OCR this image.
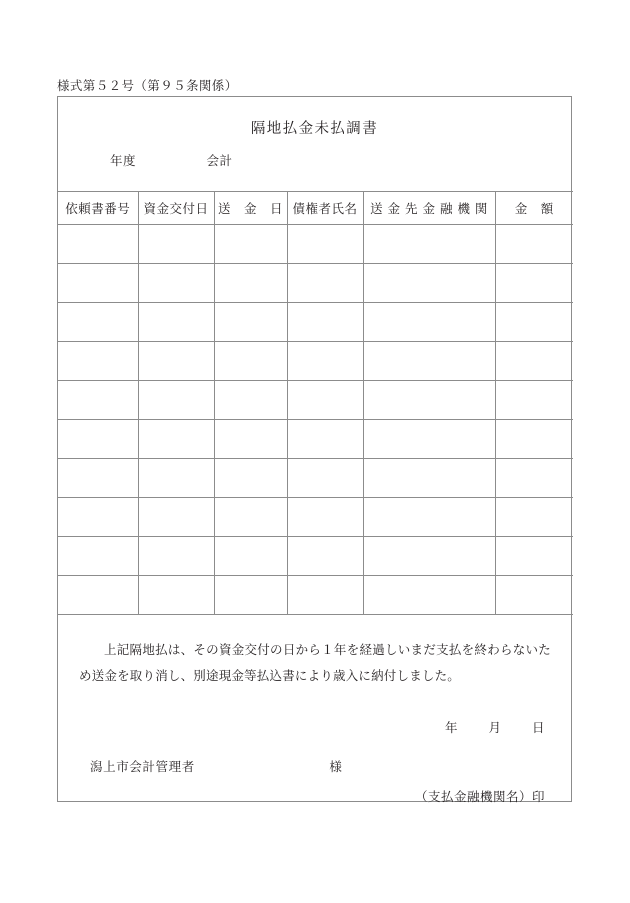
様式第５２号（第９５条関係）
隔地払金未払調書
年度	会計
依頼書番号	資金交付日	送　金　日	債権者氏名	送 金 先 金 融 機 関	金　額

上記隔地払は、その資金交付の日から１年を経過しいまだ支払を終わらないため送金を取り消し、別途現金等払込書により歳入に納付しました。
年 月 日
潟上市会計管理者	様
（支払金融機関名）印
